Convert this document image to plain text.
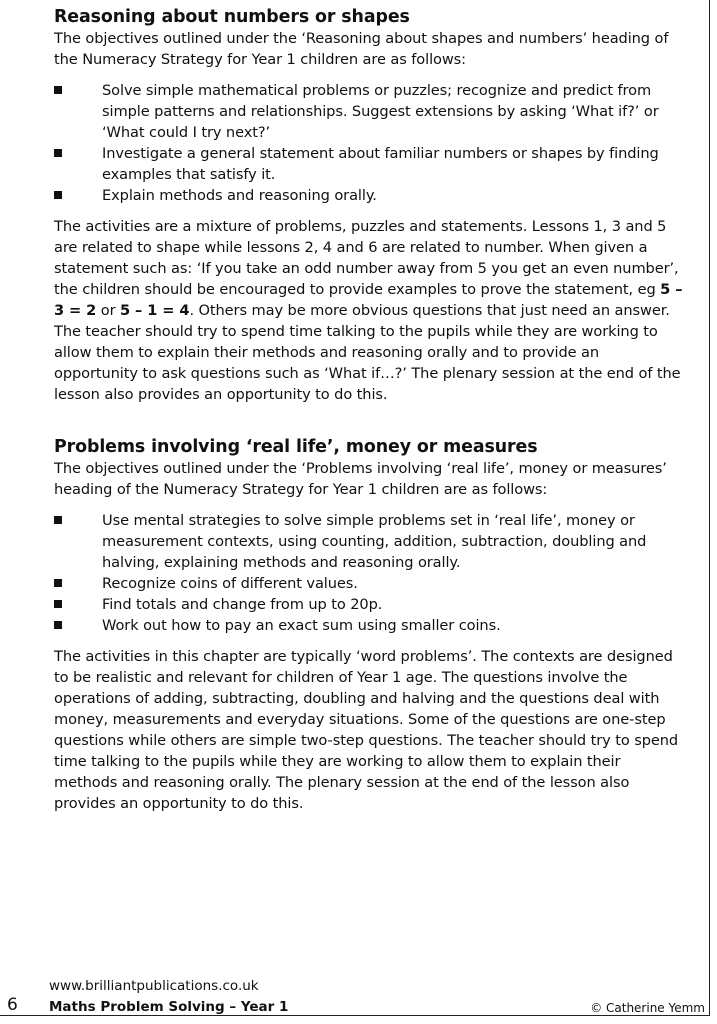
Reasoning about numbers or shapes

The objectives outlined under the ‘Reasoning about shapes and numbers’ heading of the Numeracy Strategy for Year 1 children are as follows:

Solve simple mathematical problems or puzzles; recognize and predict from simple patterns and relationships. Suggest extensions by asking ‘What if?’ or ‘What could I try next?’
Investigate a general statement about familiar numbers or shapes by finding examples that satisfy it.
Explain methods and reasoning orally.

The activities are a mixture of problems, puzzles and statements. Lessons 1, 3 and 5 are related to shape while lessons 2, 4 and 6 are related to number. When given a statement such as: ‘If you take an odd number away from 5 you get an even number’, the children should be encouraged to provide examples to prove the statement, eg 5 – 3 = 2 or 5 – 1 = 4. Others may be more obvious questions that just need an answer. The teacher should try to spend time talking to the pupils while they are working to allow them to explain their methods and reasoning orally and to provide an opportunity to ask questions such as ‘What if…?’ The plenary session at the end of the lesson also provides an opportunity to do this.

Problems involving ‘real life’, money or measures

The objectives outlined under the ‘Problems involving ‘real life’, money or measures’ heading of the Numeracy Strategy for Year 1 children are as follows:

Use mental strategies to solve simple problems set in ‘real life’, money or measurement contexts, using counting, addition, subtraction, doubling and halving, explaining methods and reasoning orally.
Recognize coins of different values.
Find totals and change from up to 20p.
Work out how to pay an exact sum using smaller coins.

The activities in this chapter are typically ‘word problems’. The contexts are designed to be realistic and relevant for children of Year 1 age. The questions involve the operations of adding, subtracting, doubling and halving and the questions deal with money, measurements and everyday situations. Some of the questions are one-step questions while others are simple two-step questions. The teacher should try to spend time talking to the pupils while they are working to allow them to explain their methods and reasoning orally. The plenary session at the end of the lesson also provides an opportunity to do this.

www.brilliantpublications.co.uk
6 Maths Problem Solving – Year 1	© Catherine Yemm
